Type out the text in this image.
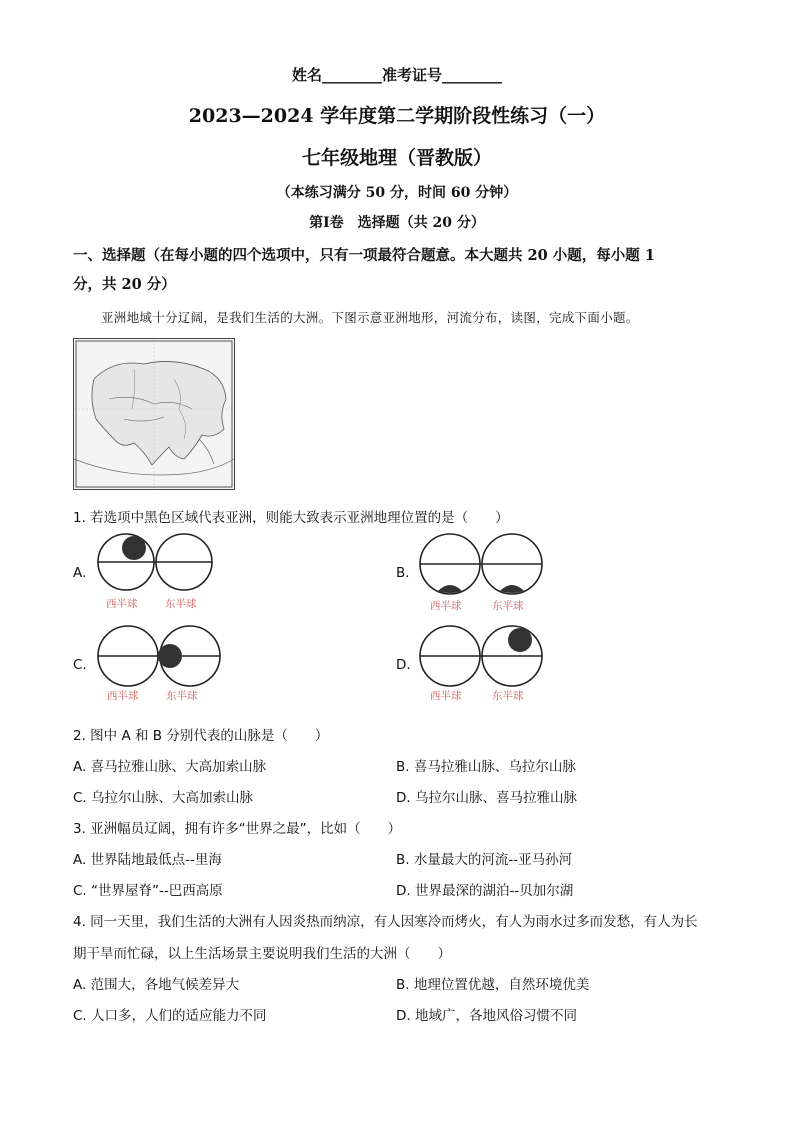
姓名________准考证号________
2023—2024 学年度第二学期阶段性练习（一）
七年级地理（晋教版）
（本练习满分 50 分，时间 60 分钟）
第Ⅰ卷　选择题（共 20 分）
一、选择题（在每小题的四个选项中，只有一项最符合题意。本大题共 20 小题，每小题 1
分，共 20 分）
亚洲地域十分辽阔，是我们生活的大洲。下图示意亚洲地形，河流分布，读图，完成下面小题。
1. 若选项中黑色区域代表亚洲，则能大致表示亚洲地理位置的是（　　）
A.
西半球	东半球
B.
西半球	东半球
C.
西半球	东半球
D.
西半球	东半球
2. 图中 A 和 B 分别代表的山脉是（　　）
A. 喜马拉雅山脉、大高加索山脉	B. 喜马拉雅山脉、乌拉尔山脉
C. 乌拉尔山脉、大高加索山脉	D. 乌拉尔山脉、喜马拉雅山脉
3. 亚洲幅员辽阔，拥有许多“世界之最”，比如（　　）
A. 世界陆地最低点--里海	B. 水量最大的河流--亚马孙河
C. “世界屋脊”--巴西高原	D. 世界最深的湖泊--贝加尔湖
4. 同一天里，我们生活的大洲有人因炎热而纳凉，有人因寒冷而烤火，有人为雨水过多而发愁，有人为长
期干旱而忙碌，以上生活场景主要说明我们生活的大洲（　　）
A. 范围大，各地气候差异大	B. 地理位置优越，自然环境优美
C. 人口多，人们的适应能力不同	D. 地域广，各地风俗习惯不同
